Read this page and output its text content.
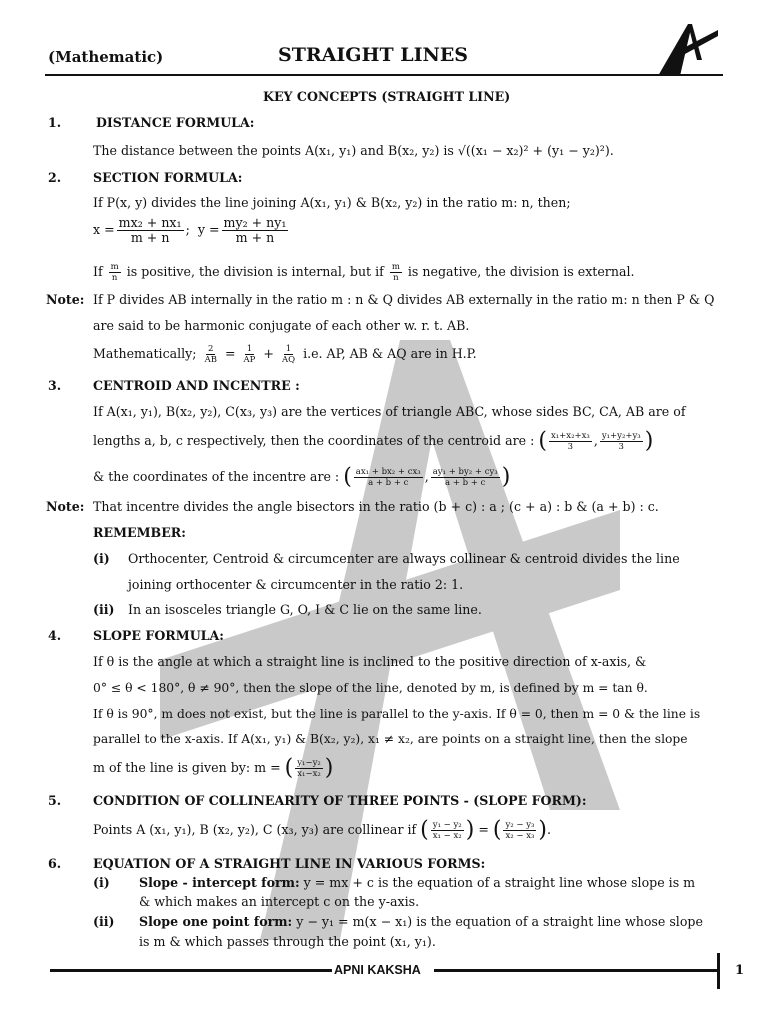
(Mathematic)	STRAIGHT LINES
KEY CONCEPTS (STRAIGHT LINE)
1.	DISTANCE FORMULA:
The distance between the points A(x₁, y₁) and B(x₂, y₂) is √((x₁ − x₂)² + (y₁ − y₂)²).
2.	SECTION FORMULA:
If P(x, y) divides the line joining A(x₁, y₁) & B(x₂, y₂) in the ratio m: n, then;
$x = \frac{\text{mx₂ + nx₁}}{m + n}$ ;  $y = \frac{\text{my₂ + ny₁}}{m + n}$
If $\frac{m}{n}$ is positive, the division is internal, but if $\frac{m}{n}$ is negative, the division is external.
Note: If P divides AB internally in the ratio m : n & Q divides AB externally in the ratio m: n then P & Q
are said to be harmonic conjugate of each other w. r. t. AB.
Mathematically; $\frac{2}{AB} = \frac{1}{AP} + \frac{1}{AQ} i.e$. AP, AB & AQ are in H.P.
3.	CENTROID AND INCENTRE :
If A(x₁, y₁), B(x₂, y₂), C(x₃, y₃) are the vertices of triangle ABC, whose sides BC, CA, AB are of
lengths a, b, c respectively, then the coordinates of the centroid are : ( $\frac{\text{x₁+x₂+x₃}}{3}$ , $\frac{\text{y₁+y₂+y₃}}{3}$ )
& the coordinates of the incentre are : ( $\frac{\text{ax₁ + bx₂ + cx₃}}{a + b + c}$ , $\frac{\text{ay₁ + by₂ + cy₃}}{a + b + c}$ )
Note: That incentre divides the angle bisectors in the ratio (b + c) : a ; (c + a) : b & (a + b) : c.
REMEMBER:
(i) Orthocenter, Centroid & circumcenter are always collinear & centroid divides the line
joining orthocenter & circumcenter in the ratio 2: 1.
(ii) In an isosceles triangle G, O, I & C lie on the same line.
4.	SLOPE FORMULA:
If θ is the angle at which a straight line is inclined to the positive direction of x-axis, &
0° ≤ θ < 180°, θ ≠ 90°, then the slope of the line, denoted by m, is defined by m = tan θ.
If θ is 90°, m does not exist, but the line is parallel to the y-axis. If θ = 0, then m = 0 & the line is
parallel to the x-axis. If A(x₁, y₁) & B(x₂, y₂), x₁ ≠ x₂, are points on a straight line, then the slope
m of the line is given by: m = ( $\frac{\text{y₁−y₂}}{\text{x₁−x₂}}$ )
5.	CONDITION OF COLLINEARITY OF THREE POINTS - (SLOPE FORM):
Points A (x₁, y₁), B (x₂, y₂), C (x₃, y₃) are collinear if ( $\frac{\text{y₁ − y₂}}{\text{x₁ − x₂}}$ ) = ( $\frac{\text{y₂ − y₃}}{\text{x₂ − x₃}}$ ).
6.	EQUATION OF A STRAIGHT LINE IN VARIOUS FORMS:
(i) Slope - intercept form: y = mx + c is the equation of a straight line whose slope is m
& which makes an intercept c on the y-axis.
(ii) Slope one point form: y − y₁ = m(x − x₁) is the equation of a straight line whose slope
is m & which passes through the point (x₁, y₁).
APNI KAKSHA	1
